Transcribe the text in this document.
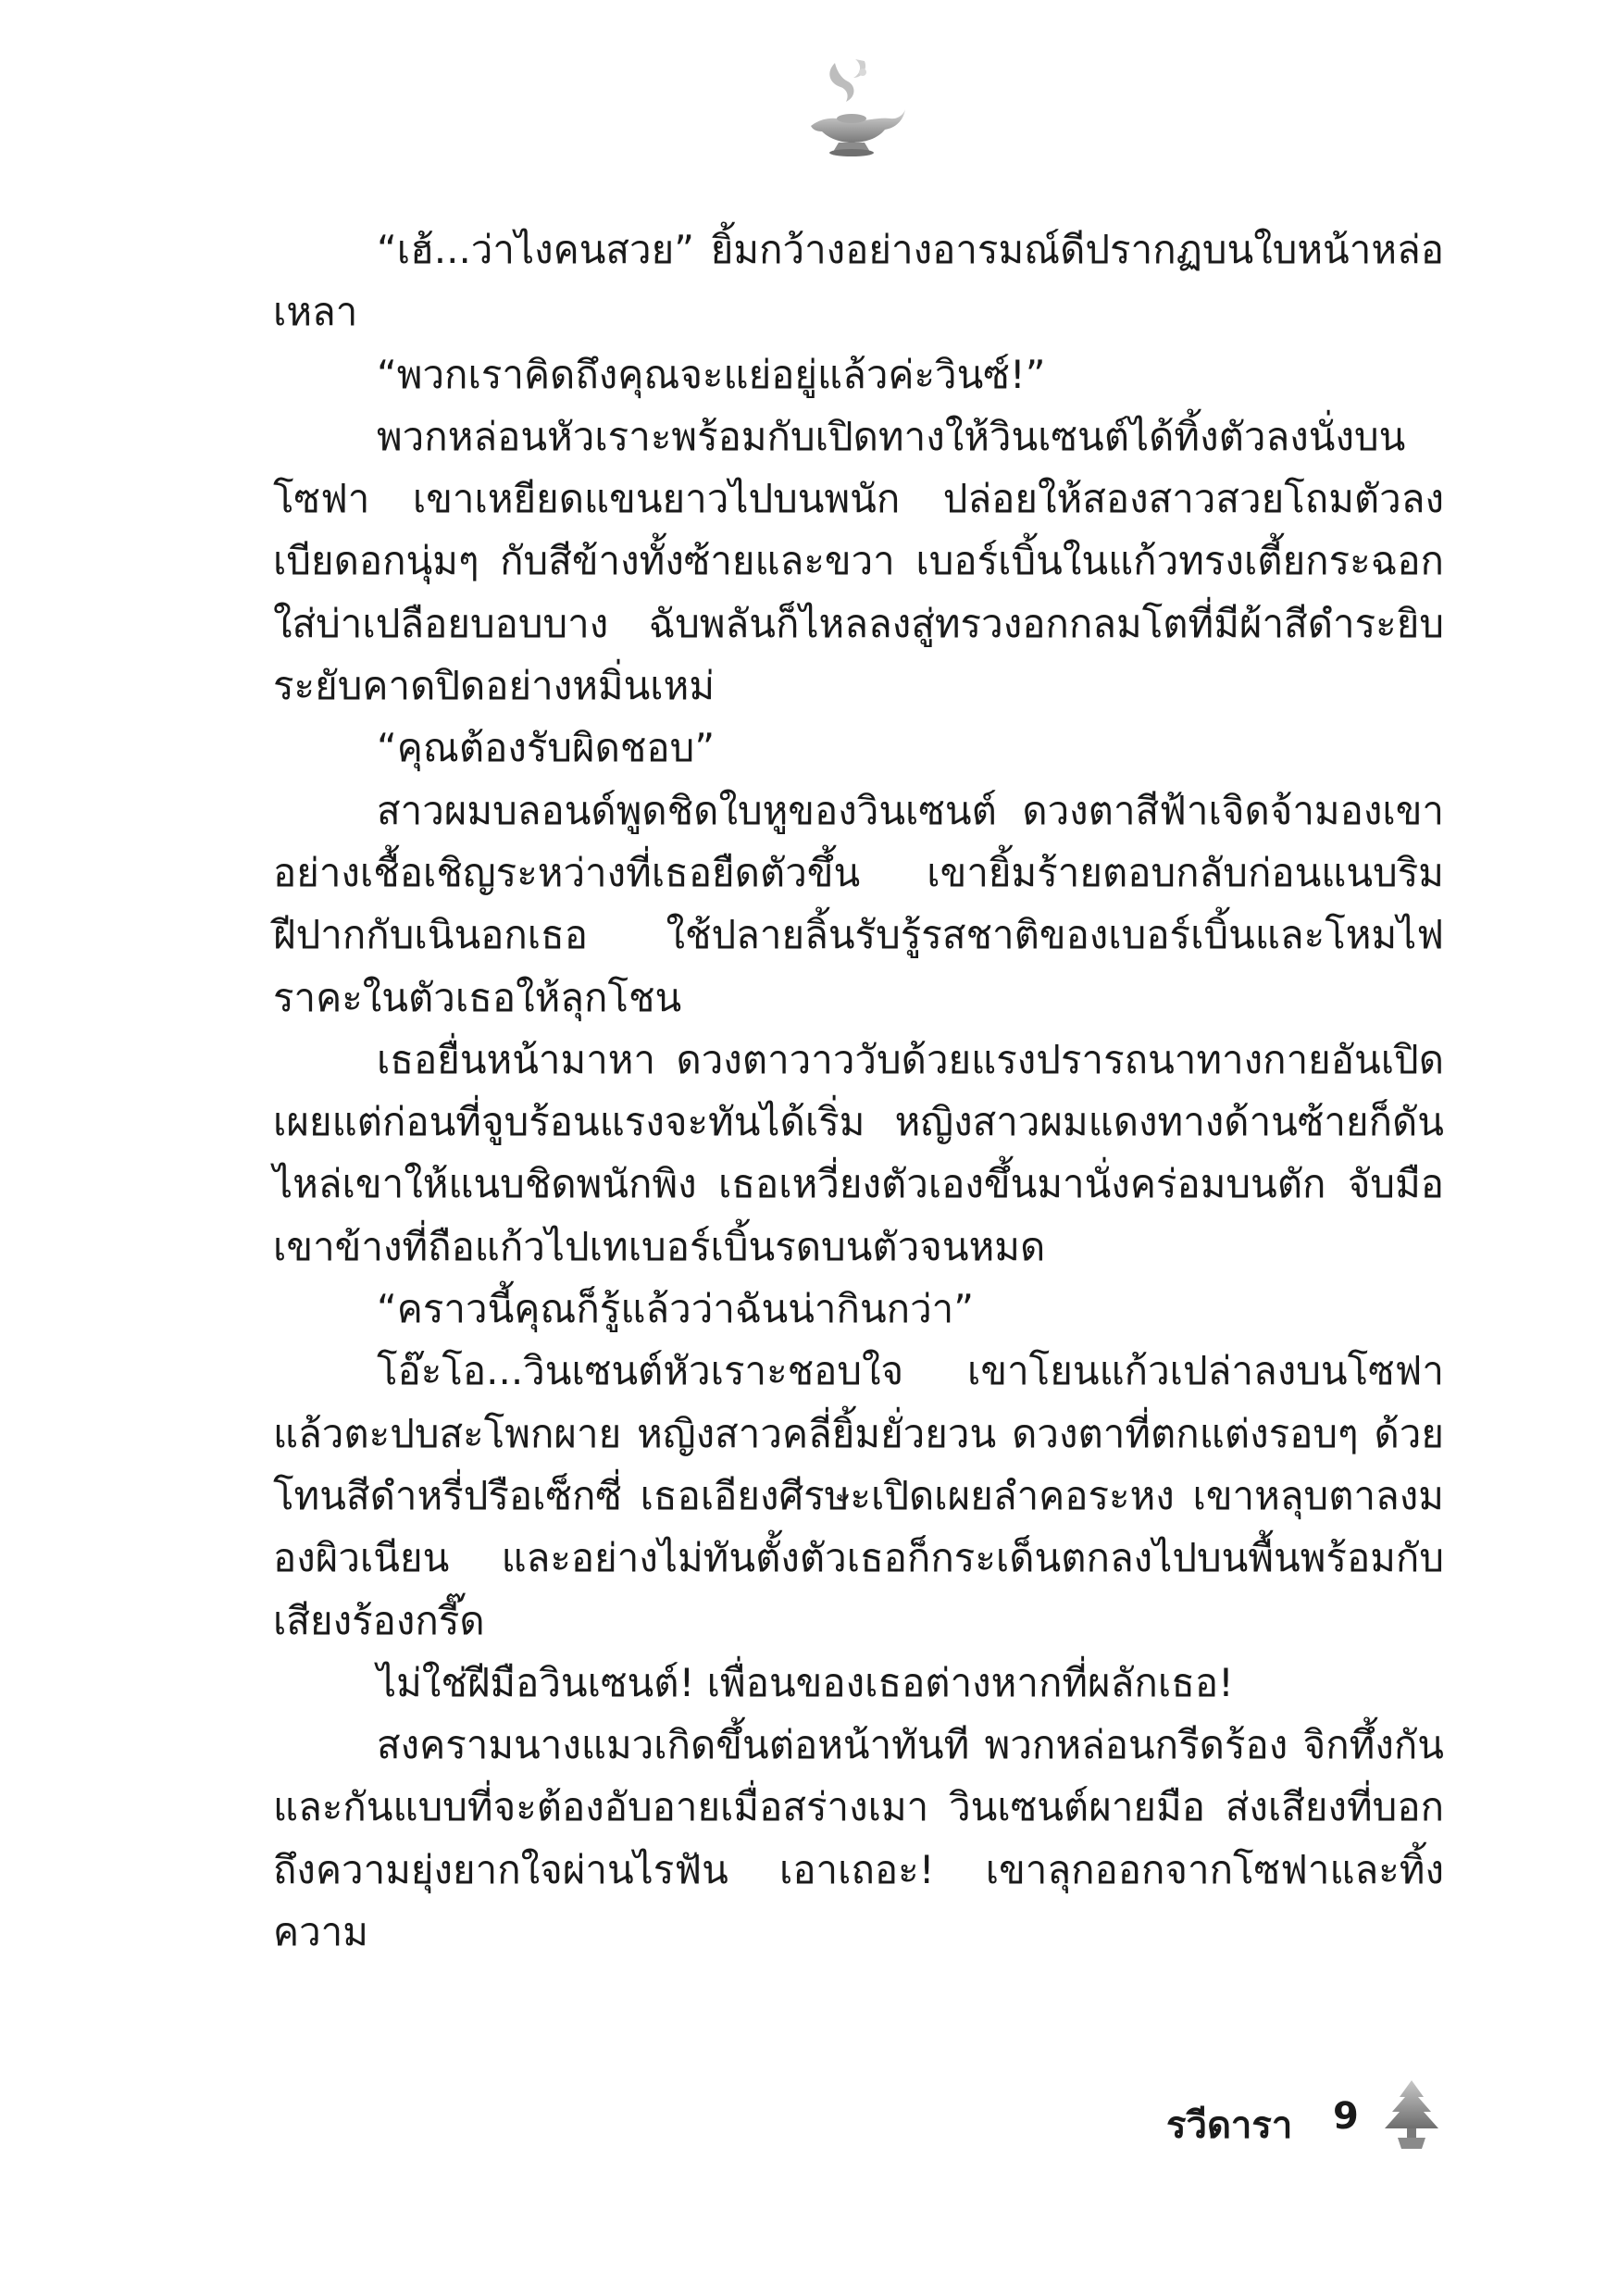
“เฮ้...ว่าไงคนสวย” ยิ้มกว้างอย่างอารมณ์ดีปรากฏบนใบหน้าหล่อเหลา

“พวกเราคิดถึงคุณจะแย่อยู่แล้วค่ะวินซ์!”

พวกหล่อนหัวเราะพร้อมกับเปิดทางให้วินเซนต์ได้ทิ้งตัวลงนั่งบนโซฟา เขาเหยียดแขนยาวไปบนพนัก ปล่อยให้สองสาวสวยโถมตัวลงเบียดอกนุ่มๆ กับสีข้างทั้งซ้ายและขวา เบอร์เบิ้นในแก้วทรงเตี้ยกระฉอกใส่บ่าเปลือยบอบบาง ฉับพลันก็ไหลลงสู่ทรวงอกกลมโตที่มีผ้าสีดำระยิบระยับคาดปิดอย่างหมิ่นเหม่

“คุณต้องรับผิดชอบ”

สาวผมบลอนด์พูดชิดใบหูของวินเซนต์ ดวงตาสีฟ้าเจิดจ้ามองเขาอย่างเชื้อเชิญระหว่างที่เธอยืดตัวขึ้น เขายิ้มร้ายตอบกลับก่อนแนบริมฝีปากกับเนินอกเธอ ใช้ปลายลิ้นรับรู้รสชาติของเบอร์เบิ้นและโหมไฟราคะในตัวเธอให้ลุกโชน

เธอยื่นหน้ามาหา ดวงตาวาววับด้วยแรงปรารถนาทางกายอันเปิดเผยแต่ก่อนที่จูบร้อนแรงจะทันได้เริ่ม หญิงสาวผมแดงทางด้านซ้ายก็ดันไหล่เขาให้แนบชิดพนักพิง เธอเหวี่ยงตัวเองขึ้นมานั่งคร่อมบนตัก จับมือเขาข้างที่ถือแก้วไปเทเบอร์เบิ้นรดบนตัวจนหมด

“คราวนี้คุณก็รู้แล้วว่าฉันน่ากินกว่า”

โอ๊ะโอ...วินเซนต์หัวเราะชอบใจ เขาโยนแก้วเปล่าลงบนโซฟาแล้วตะปบสะโพกผาย หญิงสาวคลี่ยิ้มยั่วยวน ดวงตาที่ตกแต่งรอบๆ ด้วยโทนสีดำหรี่ปรือเซ็กซี่ เธอเอียงศีรษะเปิดเผยลำคอระหง เขาหลุบตาลงมองผิวเนียน และอย่างไม่ทันตั้งตัวเธอก็กระเด็นตกลงไปบนพื้นพร้อมกับเสียงร้องกรี๊ด

ไม่ใช่ฝีมือวินเซนต์! เพื่อนของเธอต่างหากที่ผลักเธอ!

สงครามนางแมวเกิดขึ้นต่อหน้าทันที พวกหล่อนกรีดร้อง จิกทึ้งกันและกันแบบที่จะต้องอับอายเมื่อสร่างเมา วินเซนต์ผายมือ ส่งเสียงที่บอกถึงความยุ่งยากใจผ่านไรฟัน เอาเถอะ! เขาลุกออกจากโซฟาและทิ้งความ

รวีดารา 9
